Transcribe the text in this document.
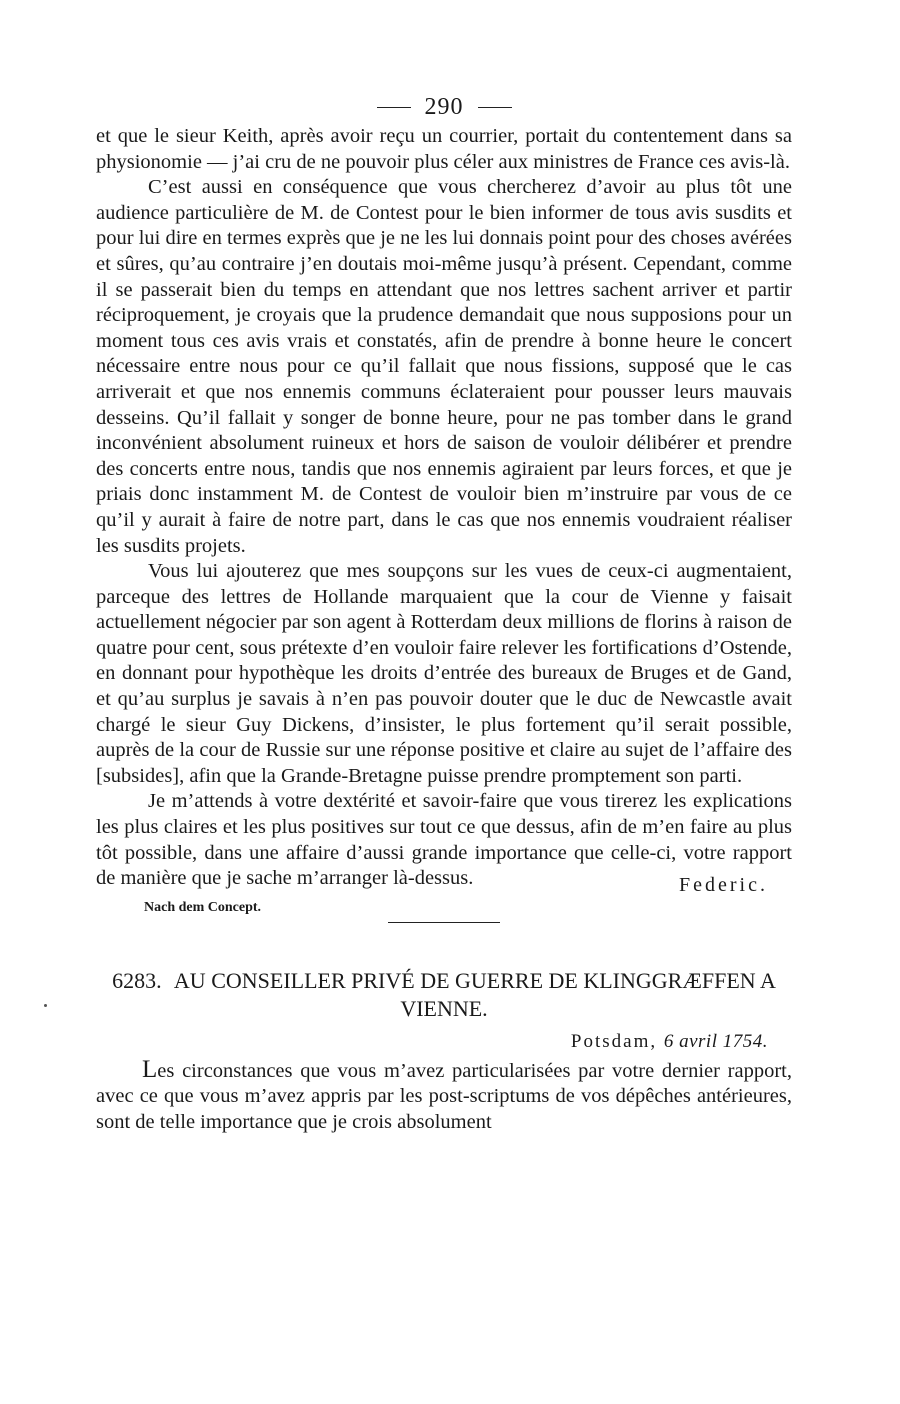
290

et que le sieur Keith, après avoir reçu un courrier, portait du contentement dans sa physionomie — j’ai cru de ne pouvoir plus céler aux ministres de France ces avis-là.

C’est aussi en conséquence que vous chercherez d’avoir au plus tôt une audience particulière de M. de Contest pour le bien informer de tous avis susdits et pour lui dire en termes exprès que je ne les lui donnais point pour des choses avérées et sûres, qu’au contraire j’en doutais moi-même jusqu’à présent. Cependant, comme il se passerait bien du temps en attendant que nos lettres sachent arriver et partir réciproquement, je croyais que la prudence demandait que nous supposions pour un moment tous ces avis vrais et constatés, afin de prendre à bonne heure le concert nécessaire entre nous pour ce qu’il fallait que nous fissions, supposé que le cas arriverait et que nos ennemis communs éclateraient pour pousser leurs mauvais desseins. Qu’il fallait y songer de bonne heure, pour ne pas tomber dans le grand inconvénient absolument ruineux et hors de saison de vouloir délibérer et prendre des concerts entre nous, tandis que nos ennemis agiraient par leurs forces, et que je priais donc instamment M. de Contest de vouloir bien m’instruire par vous de ce qu’il y aurait à faire de notre part, dans le cas que nos ennemis voudraient réaliser les susdits projets.

Vous lui ajouterez que mes soupçons sur les vues de ceux-ci augmentaient, parceque des lettres de Hollande marquaient que la cour de Vienne y faisait actuellement négocier par son agent à Rotterdam deux millions de florins à raison de quatre pour cent, sous prétexte d’en vouloir faire relever les fortifications d’Ostende, en donnant pour hypothèque les droits d’entrée des bureaux de Bruges et de Gand, et qu’au surplus je savais à n’en pas pouvoir douter que le duc de Newcastle avait chargé le sieur Guy Dickens, d’insister, le plus fortement qu’il serait possible, auprès de la cour de Russie sur une réponse positive et claire au sujet de l’affaire des [subsides], afin que la Grande-Bretagne puisse prendre promptement son parti.

Je m’attends à votre dextérité et savoir-faire que vous tirerez les explications les plus claires et les plus positives sur tout ce que dessus, afin de m’en faire au plus tôt possible, dans une affaire d’aussi grande importance que celle-ci, votre rapport de manière que je sache m’arranger là-dessus.

Nach dem Concept.
Federic.
6283. AU CONSEILLER PRIVÉ DE GUERRE DE KLINGGRÆFFEN A VIENNE.
Potsdam, 6 avril 1754.

Les circonstances que vous m’avez particularisées par votre dernier rapport, avec ce que vous m’avez appris par les post-scriptums de vos dépêches antérieures, sont de telle importance que je crois absolument
